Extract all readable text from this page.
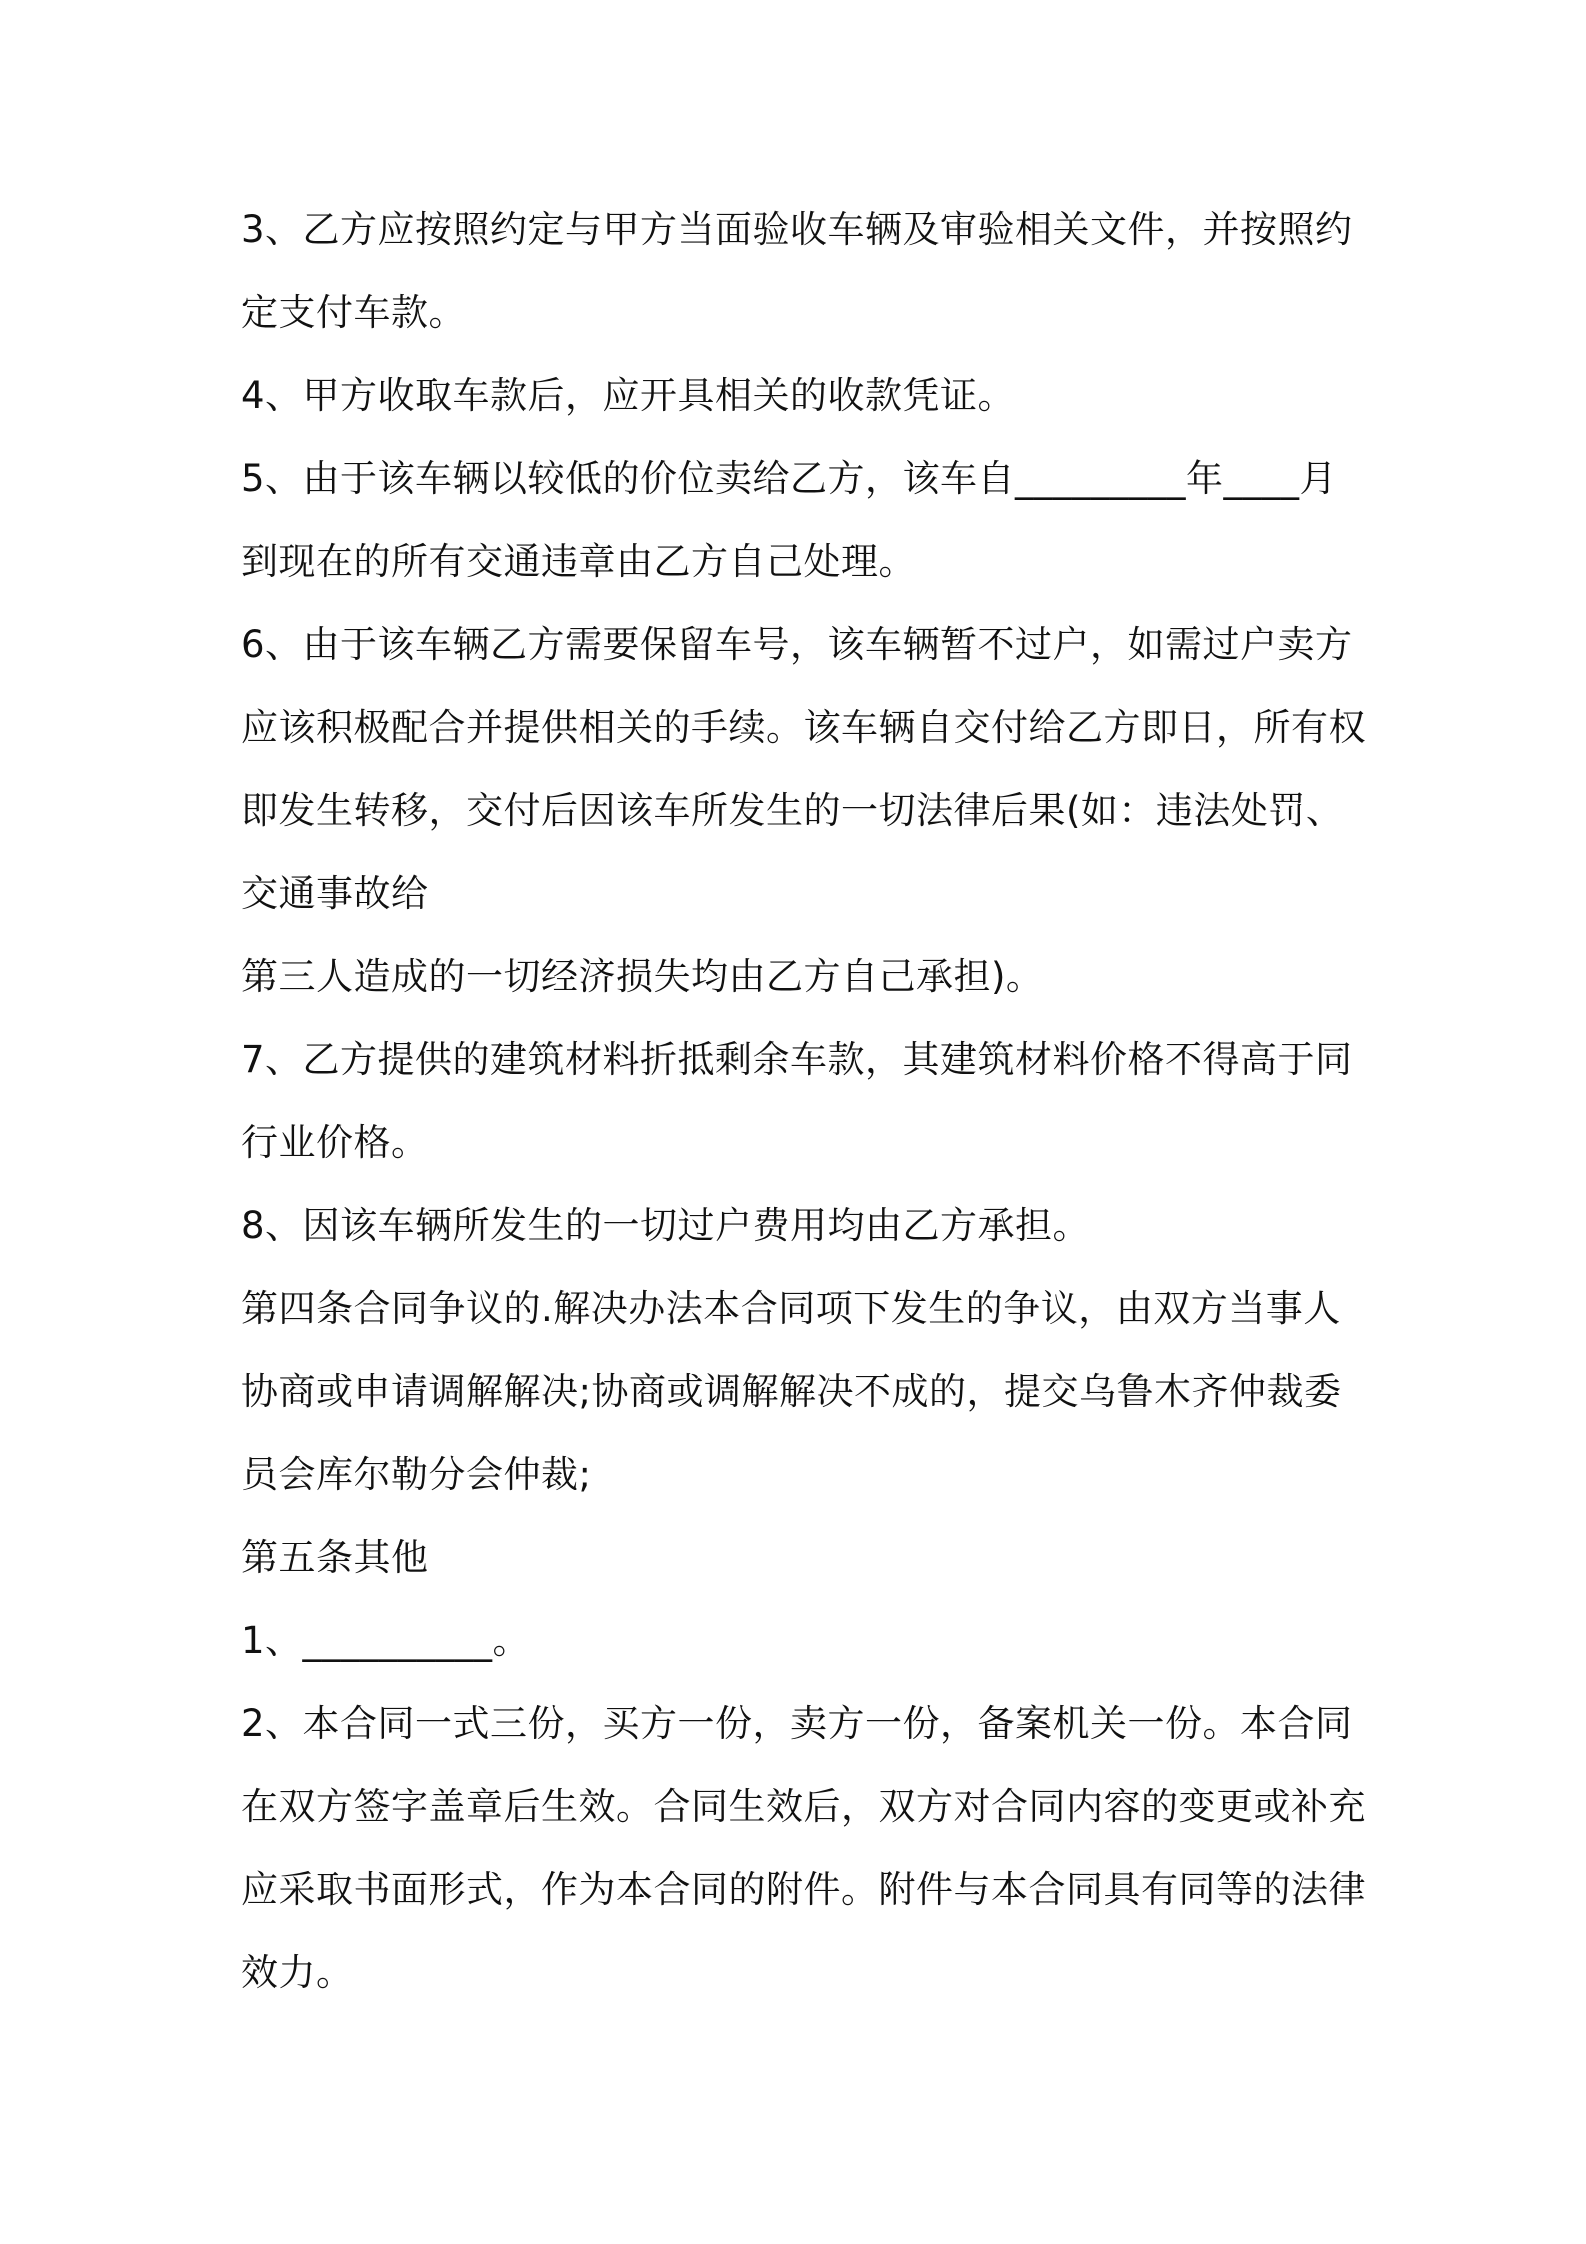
3、乙方应按照约定与甲方当面验收车辆及审验相关文件，并按照约
定支付车款。
4、甲方收取车款后，应开具相关的收款凭证。
5、由于该车辆以较低的价位卖给乙方，该车自_________年____月
到现在的所有交通违章由乙方自己处理。
6、由于该车辆乙方需要保留车号，该车辆暂不过户，如需过户卖方
应该积极配合并提供相关的手续。该车辆自交付给乙方即日，所有权
即发生转移，交付后因该车所发生的一切法律后果(如：违法处罚、
交通事故给
第三人造成的一切经济损失均由乙方自己承担)。
7、乙方提供的建筑材料折抵剩余车款，其建筑材料价格不得高于同
行业价格。
8、因该车辆所发生的一切过户费用均由乙方承担。
第四条合同争议的.解决办法本合同项下发生的争议，由双方当事人
协商或申请调解解决;协商或调解解决不成的，提交乌鲁木齐仲裁委
员会库尔勒分会仲裁;
第五条其他
1、__________。
2、本合同一式三份，买方一份，卖方一份，备案机关一份。本合同
在双方签字盖章后生效。合同生效后，双方对合同内容的变更或补充
应采取书面形式，作为本合同的附件。附件与本合同具有同等的法律
效力。
